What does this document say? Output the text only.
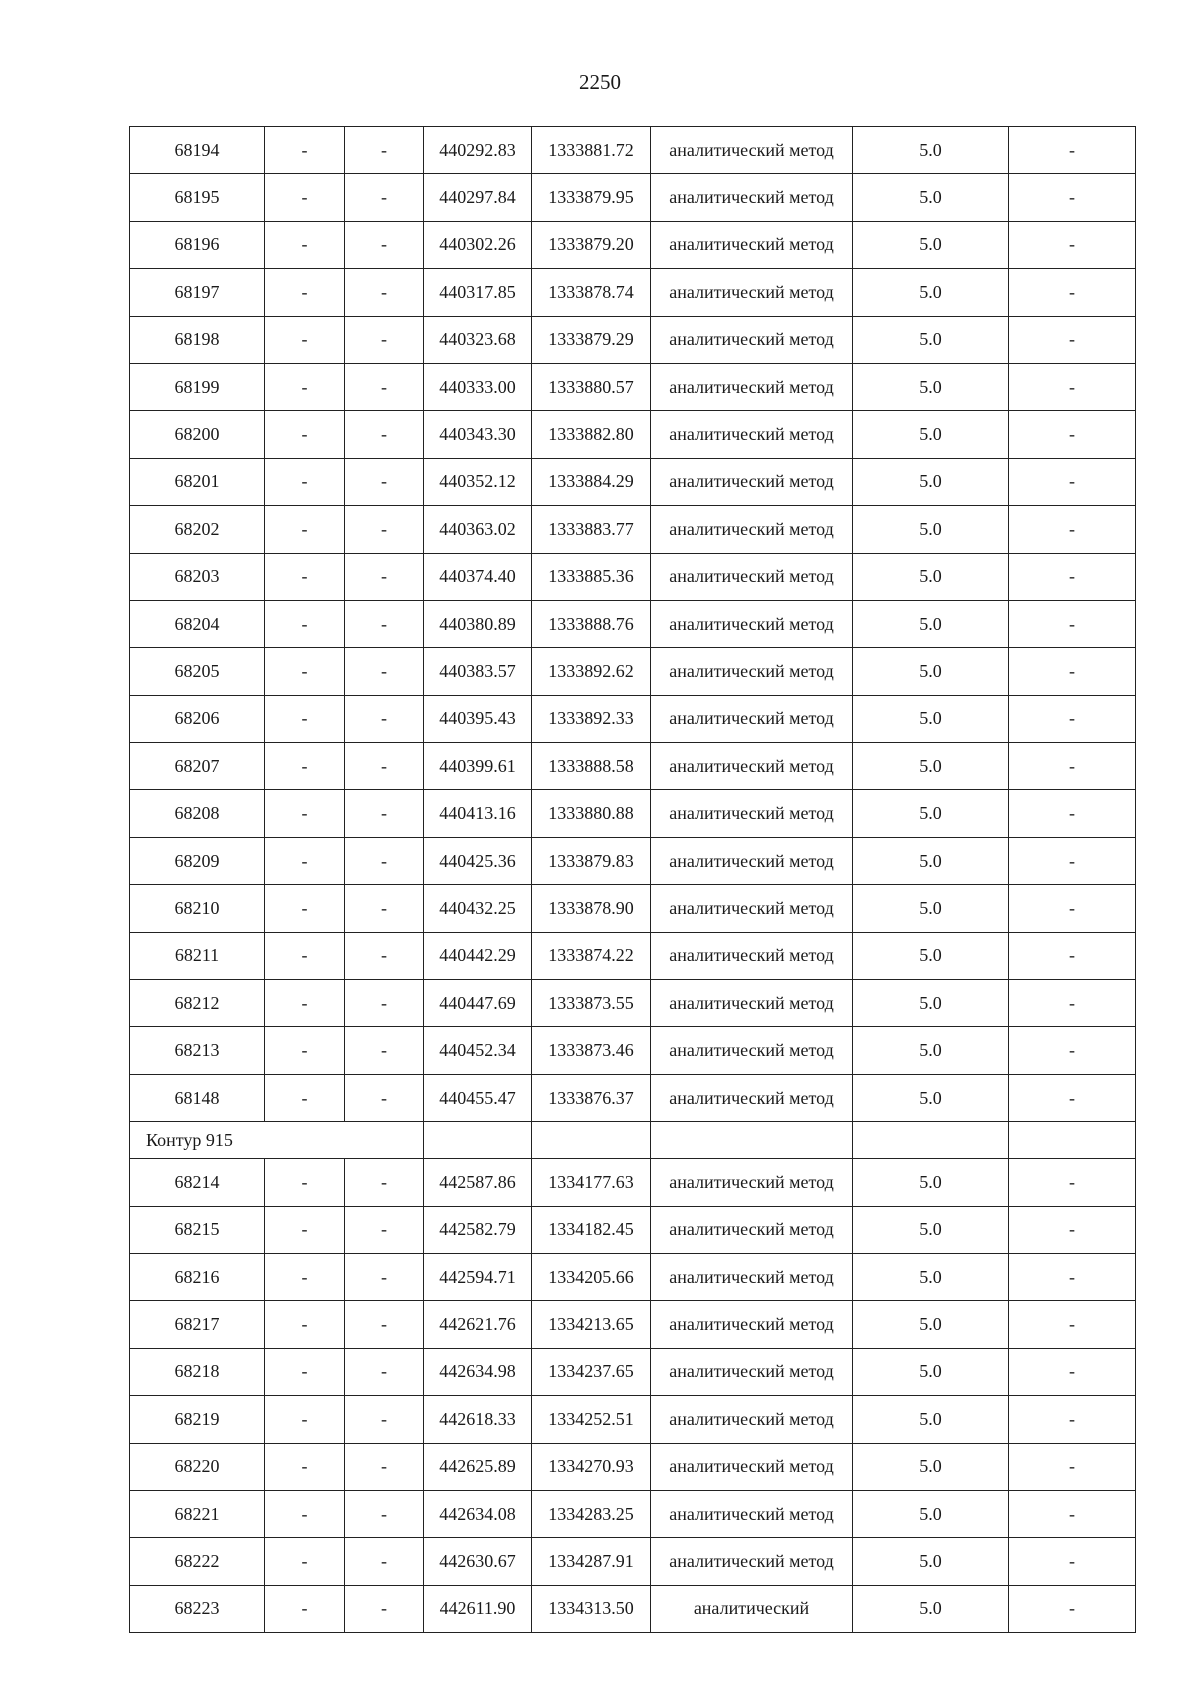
2250
68194	-	-	440292.83	1333881.72	аналитический метод	5.0	-
68195	-	-	440297.84	1333879.95	аналитический метод	5.0	-
68196	-	-	440302.26	1333879.20	аналитический метод	5.0	-
68197	-	-	440317.85	1333878.74	аналитический метод	5.0	-
68198	-	-	440323.68	1333879.29	аналитический метод	5.0	-
68199	-	-	440333.00	1333880.57	аналитический метод	5.0	-
68200	-	-	440343.30	1333882.80	аналитический метод	5.0	-
68201	-	-	440352.12	1333884.29	аналитический метод	5.0	-
68202	-	-	440363.02	1333883.77	аналитический метод	5.0	-
68203	-	-	440374.40	1333885.36	аналитический метод	5.0	-
68204	-	-	440380.89	1333888.76	аналитический метод	5.0	-
68205	-	-	440383.57	1333892.62	аналитический метод	5.0	-
68206	-	-	440395.43	1333892.33	аналитический метод	5.0	-
68207	-	-	440399.61	1333888.58	аналитический метод	5.0	-
68208	-	-	440413.16	1333880.88	аналитический метод	5.0	-
68209	-	-	440425.36	1333879.83	аналитический метод	5.0	-
68210	-	-	440432.25	1333878.90	аналитический метод	5.0	-
68211	-	-	440442.29	1333874.22	аналитический метод	5.0	-
68212	-	-	440447.69	1333873.55	аналитический метод	5.0	-
68213	-	-	440452.34	1333873.46	аналитический метод	5.0	-
68148	-	-	440455.47	1333876.37	аналитический метод	5.0	-
Контур 915							
68214	-	-	442587.86	1334177.63	аналитический метод	5.0	-
68215	-	-	442582.79	1334182.45	аналитический метод	5.0	-
68216	-	-	442594.71	1334205.66	аналитический метод	5.0	-
68217	-	-	442621.76	1334213.65	аналитический метод	5.0	-
68218	-	-	442634.98	1334237.65	аналитический метод	5.0	-
68219	-	-	442618.33	1334252.51	аналитический метод	5.0	-
68220	-	-	442625.89	1334270.93	аналитический метод	5.0	-
68221	-	-	442634.08	1334283.25	аналитический метод	5.0	-
68222	-	-	442630.67	1334287.91	аналитический метод	5.0	-
68223	-	-	442611.90	1334313.50	аналитический	5.0	-
